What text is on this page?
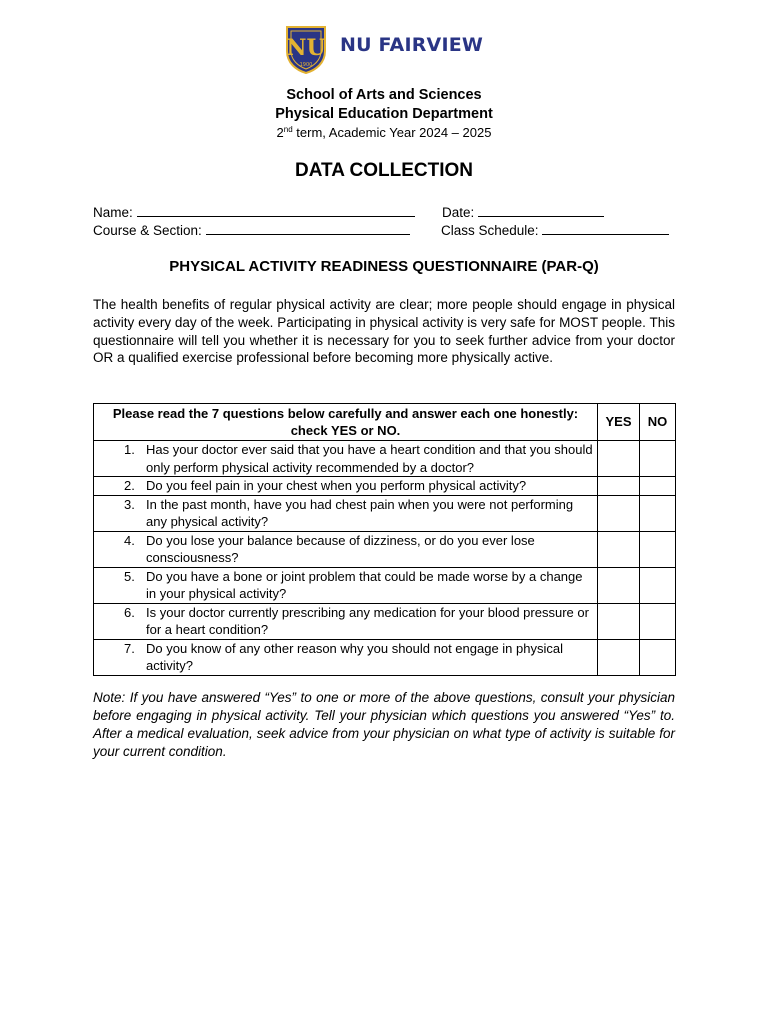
NU
1900
NU FAIRVIEW
School of Arts and Sciences
Physical Education Department
2nd term, Academic Year 2024 – 2025
DATA COLLECTION
Name:	Date:
Course & Section:	Class Schedule:
PHYSICAL ACTIVITY READINESS QUESTIONNAIRE (PAR-Q)
The health benefits of regular physical activity are clear; more people should engage in physical activity every day of the week. Participating in physical activity is very safe for MOST people. This questionnaire will tell you whether it is necessary for you to seek further advice from your doctor OR a qualified exercise professional before becoming more physically active.
Please read the 7 questions below carefully and answer each one honestly: check YES or NO.	YES	NO

1. Has your doctor ever said that you have a heart condition and that you should only perform physical activity recommended by a doctor?		

2. Do you feel pain in your chest when you perform physical activity?		

3. In the past month, have you had chest pain when you were not performing any physical activity?		

4. Do you lose your balance because of dizziness, or do you ever lose consciousness?		

5. Do you have a bone or joint problem that could be made worse by a change in your physical activity?		

6. Is your doctor currently prescribing any medication for your blood pressure or for a heart condition?		

7. Do you know of any other reason why you should not engage in physical activity?		
Note: If you have answered “Yes” to one or more of the above questions, consult your physician before engaging in physical activity. Tell your physician which questions you answered “Yes” to. After a medical evaluation, seek advice from your physician on what type of activity is suitable for your current condition.
